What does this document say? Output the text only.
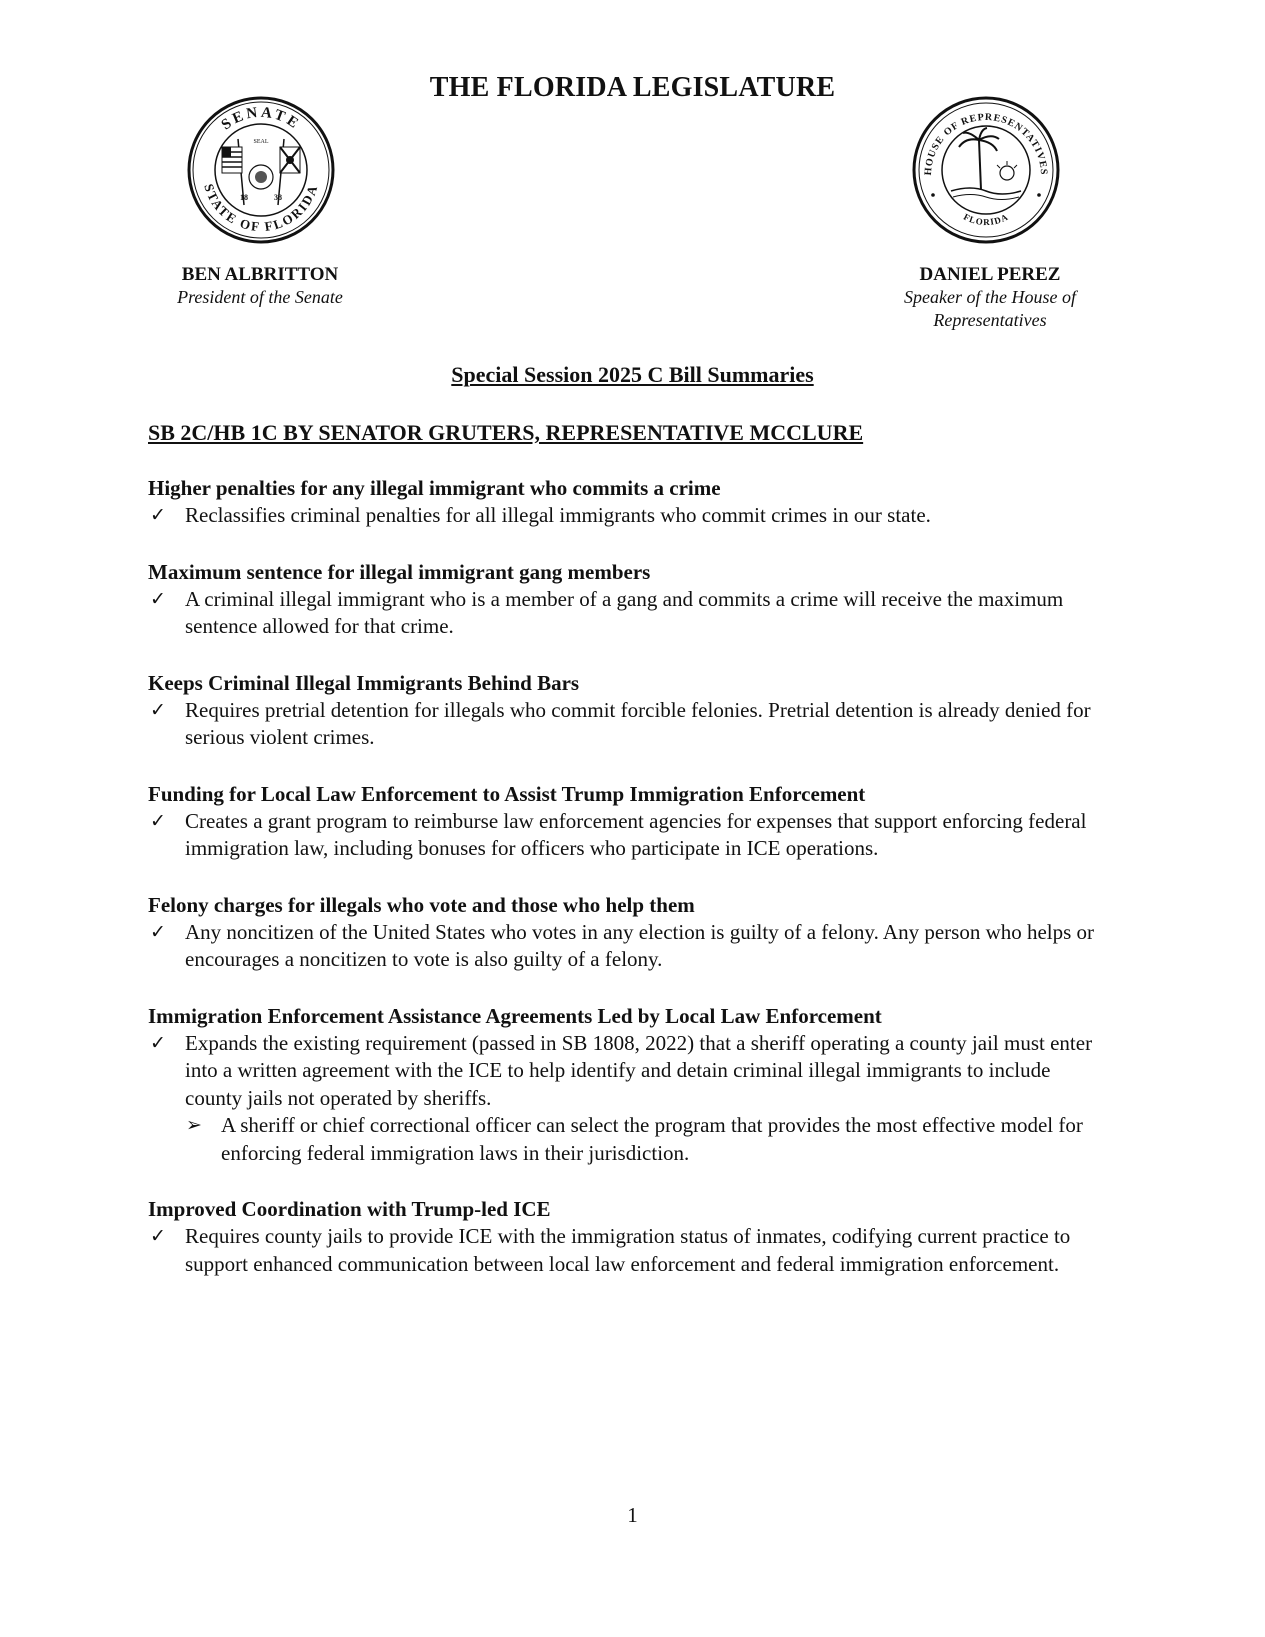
THE FLORIDA LEGISLATURE
SENATE
STATE OF FLORIDA
SEAL
18	38
HOUSE OF REPRESENTATIVES
FLORIDA
BEN ALBRITTON
President of the Senate
DANIEL PEREZ
Speaker of the House of
Representatives
Special Session 2025 C Bill Summaries
SB 2C/HB 1C BY SENATOR GRUTERS, REPRESENTATIVE MCCLURE
Higher penalties for any illegal immigrant who commits a crime
✓ Reclassifies criminal penalties for all illegal immigrants who commit crimes in our state.
Maximum sentence for illegal immigrant gang members
✓ A criminal illegal immigrant who is a member of a gang and commits a crime will receive the maximum sentence allowed for that crime.
Keeps Criminal Illegal Immigrants Behind Bars
✓ Requires pretrial detention for illegals who commit forcible felonies. Pretrial detention is already denied for serious violent crimes.
Funding for Local Law Enforcement to Assist Trump Immigration Enforcement
✓ Creates a grant program to reimburse law enforcement agencies for expenses that support enforcing federal immigration law, including bonuses for officers who participate in ICE operations.
Felony charges for illegals who vote and those who help them
✓ Any noncitizen of the United States who votes in any election is guilty of a felony. Any person who helps or encourages a noncitizen to vote is also guilty of a felony.
Immigration Enforcement Assistance Agreements Led by Local Law Enforcement
✓ Expands the existing requirement (passed in SB 1808, 2022) that a sheriff operating a county jail must enter into a written agreement with the ICE to help identify and detain criminal illegal immigrants to include county jails not operated by sheriffs.
➢ A sheriff or chief correctional officer can select the program that provides the most effective model for enforcing federal immigration laws in their jurisdiction.
Improved Coordination with Trump-led ICE
✓ Requires county jails to provide ICE with the immigration status of inmates, codifying current practice to support enhanced communication between local law enforcement and federal immigration enforcement.
1
